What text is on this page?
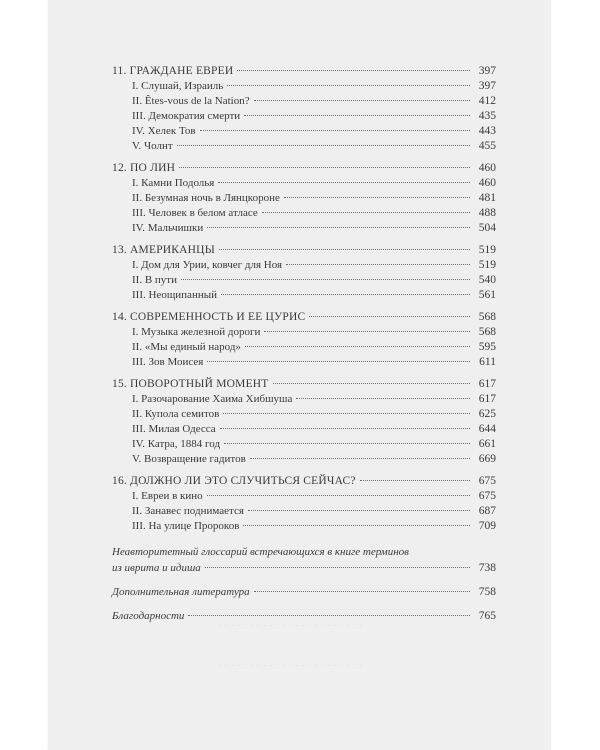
· · · · · · · · · · · · · · · · · · · · · · ·
· · · · · · · · · · · · · · · · · · · · · · ·
11. ГРАЖДАНЕ ЕВРЕИ	397
I. Слушай, Израиль	397
II. Êtes-vous de la Nation?	412
III. Демократия смерти	435
IV. Хелек Тов	443
V. Чолнт	455
12. ПО ЛИН	460
I. Камни Подолья	460
II. Безумная ночь в Лянцкороне	481
III. Человек в белом атласе	488
IV. Мальчишки	504
13. АМЕРИКАНЦЫ	519
I. Дом для Урии, ковчег для Ноя	519
II. В пути	540
III. Неощипанный	561
14. СОВРЕМЕННОСТЬ И ЕЕ ЦУРИС	568
I. Музыка железной дороги	568
II. «Мы единый народ»	595
III. Зов Моисея	611
15. ПОВОРОТНЫЙ МОМЕНТ	617
I. Разочарование Хаима Хибшуша	617
II. Купола семитов	625
III. Милая Одесса	644
IV. Катра, 1884 год	661
V. Возвращение гадитов	669
16. ДОЛЖНО ЛИ ЭТО СЛУЧИТЬСЯ СЕЙЧАС?	675
I. Евреи в кино	675
II. Занавес поднимается	687
III. На улице Пророков	709
Неавторитетный глоссарий встречающихся в книге терминов
из иврита и идиша	738
Дополнительная литература	758
Благодарности	765
